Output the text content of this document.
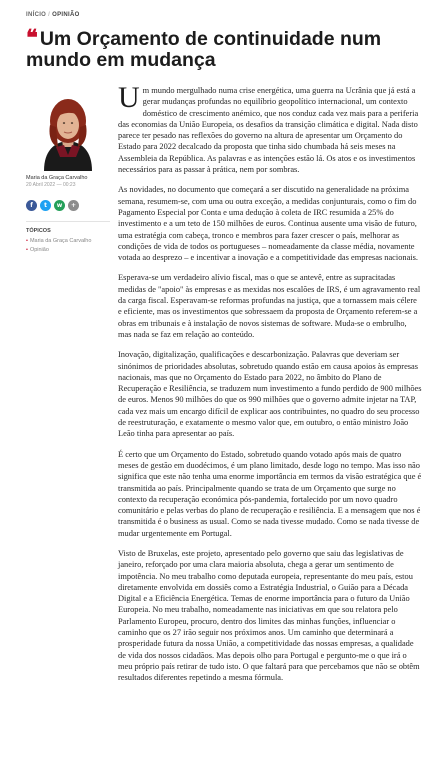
INÍCIO / OPINIÃO
❝ Um Orçamento de continuidade num mundo em mudança
Maria da Graça Carvalho
20 Abril 2022 — 00:23
f	t	w	+
TÓPICOS
• Maria da Graça Carvalho
• Opinião

Um mundo mergulhado numa crise energética, uma guerra na Ucrânia que já está a gerar mudanças profundas no equilíbrio geopolítico internacional, um contexto doméstico de crescimento anémico, que nos conduz cada vez mais para a periferia das economias da União Europeia, os desafios da transição climática e digital. Nada disto parece ter pesado nas reflexões do governo na altura de apresentar um Orçamento do Estado para 2022 decalcado da proposta que tinha sido chumbada há seis meses na Assembleia da República. As palavras e as intenções estão lá. Os atos e os investimentos necessários para as passar à prática, nem por sombras.

As novidades, no documento que começará a ser discutido na generalidade na próxima semana, resumem-se, com uma ou outra exceção, a medidas conjunturais, como o fim do Pagamento Especial por Conta e uma dedução à coleta de IRC resumida a 25% do investimento e a um teto de 150 milhões de euros. Continua ausente uma visão de futuro, uma estratégia com cabeça, tronco e membros para fazer crescer o país, melhorar as condições de vida de todos os portugueses – nomeadamente da classe média, novamente votada ao desprezo – e incentivar a inovação e a competitividade das empresas nacionais.

Esperava-se um verdadeiro alívio fiscal, mas o que se antevê, entre as supracitadas medidas de "apoio" às empresas e as mexidas nos escalões de IRS, é um agravamento real da carga fiscal. Esperavam-se reformas profundas na justiça, que a tornassem mais célere e eficiente, mas os investimentos que sobressaem da proposta de Orçamento referem-se a obras em tribunais e à instalação de novos sistemas de software. Muda-se o embrulho, mas nada se faz em relação ao conteúdo.

Inovação, digitalização, qualificações e descarbonização. Palavras que deveriam ser sinónimos de prioridades absolutas, sobretudo quando estão em causa apoios às empresas nacionais, mas que no Orçamento do Estado para 2022, no âmbito do Plano de Recuperação e Resiliência, se traduzem num investimento a fundo perdido de 900 milhões de euros. Menos 90 milhões do que os 990 milhões que o governo admite injetar na TAP, cada vez mais um encargo difícil de explicar aos contribuintes, no quadro do seu processo de reestruturação, e exatamente o mesmo valor que, em outubro, o então ministro João Leão tinha para apresentar ao país.

É certo que um Orçamento do Estado, sobretudo quando votado após mais de quatro meses de gestão em duodécimos, é um plano limitado, desde logo no tempo. Mas isso não significa que este não tenha uma enorme importância em termos da visão estratégica que é transmitida ao país. Principalmente quando se trata de um Orçamento que surge no contexto da recuperação económica pós-pandemia, fortalecido por um novo quadro comunitário e pelas verbas do plano de recuperação e resiliência. E a mensagem que nos é transmitida é o business as usual. Como se nada tivesse mudado. Como se nada tivesse de mudar urgentemente em Portugal.

Visto de Bruxelas, este projeto, apresentado pelo governo que saiu das legislativas de janeiro, reforçado por uma clara maioria absoluta, chega a gerar um sentimento de impotência. No meu trabalho como deputada europeia, representante do meu país, estou diretamente envolvida em dossiês como a Estratégia Industrial, o Guião para a Década Digital e a Eficiência Energética. Temas de enorme importância para o futuro da União Europeia. No meu trabalho, nomeadamente nas iniciativas em que sou relatora pelo Parlamento Europeu, procuro, dentro dos limites das minhas funções, influenciar o caminho que os 27 irão seguir nos próximos anos. Um caminho que determinará a prosperidade futura da nossa União, a competitividade das nossas empresas, a qualidade de vida dos nossos cidadãos. Mas depois olho para Portugal e pergunto-me o que irá o meu próprio país retirar de tudo isto. O que faltará para que percebamos que não se obtêm resultados diferentes repetindo a mesma fórmula.
